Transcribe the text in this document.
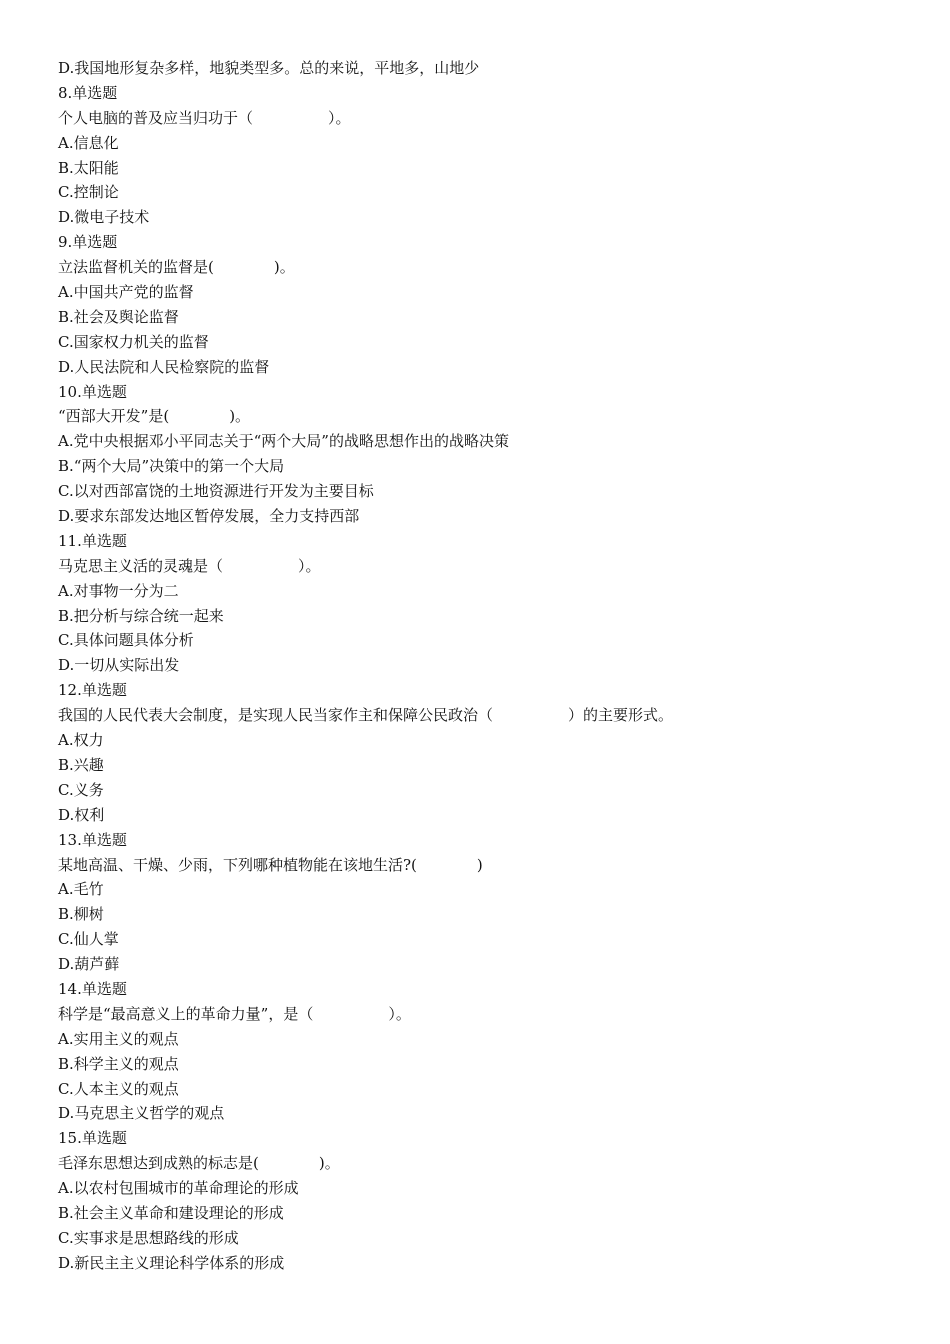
D.我国地形复杂多样，地貌类型多。总的来说，平地多，山地少
8.单选题
个人电脑的普及应当归功于（　　　　　）。
A.信息化
B.太阳能
C.控制论
D.微电子技术
9.单选题
立法监督机关的监督是(　　　　)。
A.中国共产党的监督
B.社会及舆论监督
C.国家权力机关的监督
D.人民法院和人民检察院的监督
10.单选题
“西部大开发”是(　　　　)。
A.党中央根据邓小平同志关于“两个大局”的战略思想作出的战略决策
B.“两个大局”决策中的第一个大局
C.以对西部富饶的土地资源进行开发为主要目标
D.要求东部发达地区暂停发展，全力支持西部
11.单选题
马克思主义活的灵魂是（　　　　　）。
A.对事物一分为二
B.把分析与综合统一起来
C.具体问题具体分析
D.一切从实际出发
12.单选题
我国的人民代表大会制度，是实现人民当家作主和保障公民政治（　　　　　）的主要形式。
A.权力
B.兴趣
C.义务
D.权利
13.单选题
某地高温、干燥、少雨，下列哪种植物能在该地生活?(　　　　)
A.毛竹
B.柳树
C.仙人掌
D.葫芦藓
14.单选题
科学是“最高意义上的革命力量”，是（　　　　　）。
A.实用主义的观点
B.科学主义的观点
C.人本主义的观点
D.马克思主义哲学的观点
15.单选题
毛泽东思想达到成熟的标志是(　　　　)。
A.以农村包围城市的革命理论的形成
B.社会主义革命和建设理论的形成
C.实事求是思想路线的形成
D.新民主主义理论科学体系的形成
